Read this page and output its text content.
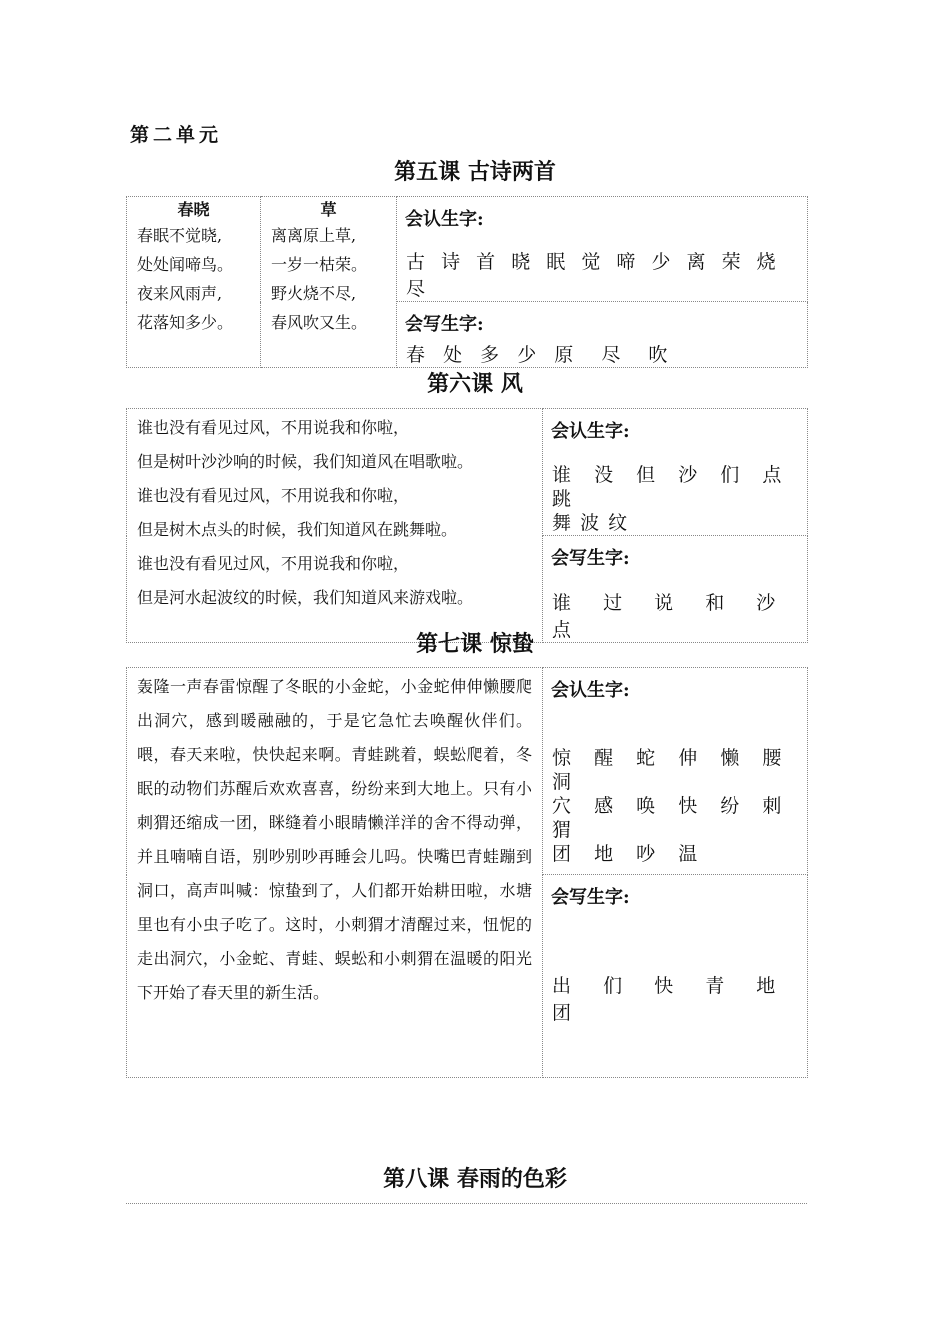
第二单元
第五课 古诗两首
春晓
春眠不觉晓,
处处闻啼鸟。
夜来风雨声,
花落知多少。

草
离离原上草,
一岁一枯荣。
野火烧不尽,
春风吹又生。

会认生字:
古 诗 首 晓 眠 觉 啼 少 离 荣 烧 尽

会写生字:
春 处 多 少 原 尽 吹
第六课 风
谁也没有看见过风，不用说我和你啦，
但是树叶沙沙响的时候，我们知道风在唱歌啦。
谁也没有看见过风，不用说我和你啦，
但是树木点头的时候，我们知道风在跳舞啦。
谁也没有看见过风，不用说我和你啦，
但是河水起波纹的时候，我们知道风来游戏啦。

会认生字:
谁 没 但 沙 们 点 跳
舞 波 纹

会写生字:
谁 过 说 和 沙 点
第七课 惊蛰
轰隆一声春雷惊醒了冬眠的小金蛇，小金蛇伸伸懒腰爬出洞穴，感到暖融融的，于是它急忙去唤醒伙伴们。喂，春天来啦，快快起来啊。青蛙跳着，蜈蚣爬着，冬眠的动物们苏醒后欢欢喜喜，纷纷来到大地上。只有小刺猬还缩成一团，眯缝着小眼睛懒洋洋的舍不得动弹，并且喃喃自语，别吵别吵再睡会儿吗。快嘴巴青蛙蹦到洞口，高声叫喊：惊蛰到了，人们都开始耕田啦，水塘里也有小虫子吃了。这时，小刺猬才清醒过来，忸怩的走出洞穴，小金蛇、青蛙、蜈蚣和小刺猬在温暖的阳光下开始了春天里的新生活。

会认生字:
惊 醒 蛇 伸 懒 腰 洞
穴 感 唤 快 纷 刺 猬
团 地 吵 温

会写生字:
出 们 快 青 地 团
第八课 春雨的色彩
